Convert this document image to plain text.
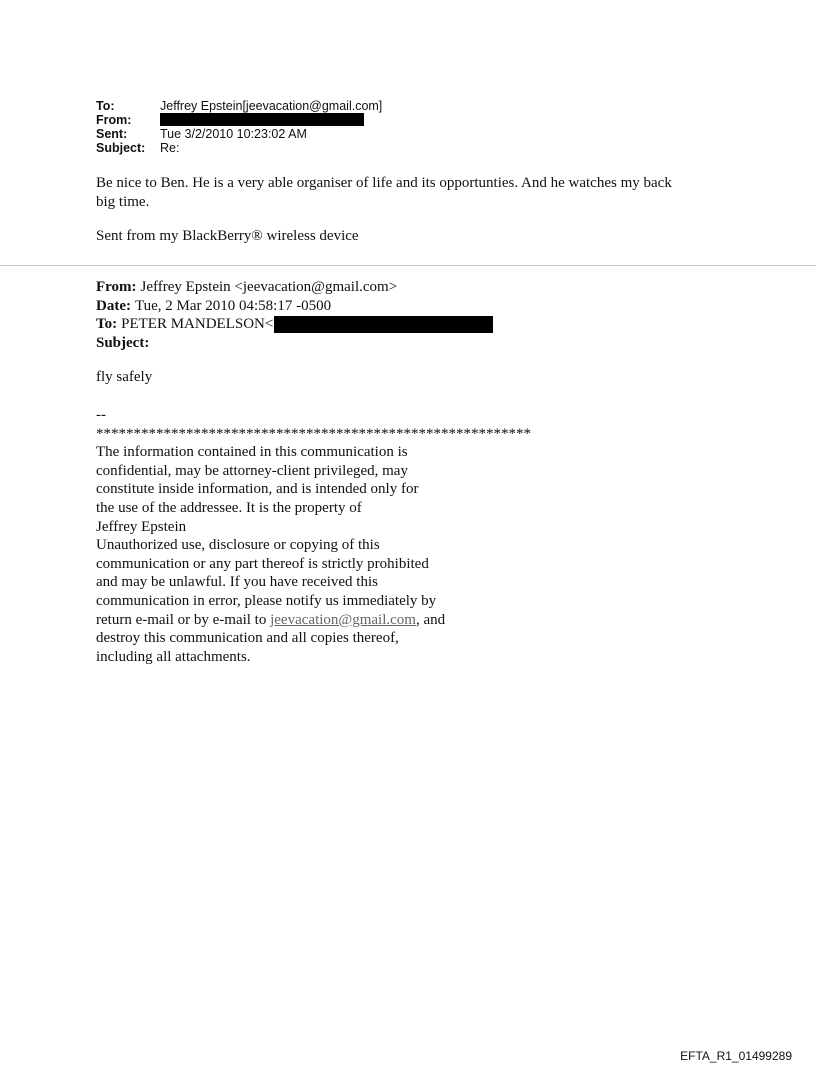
To:	Jeffrey Epstein[jeevacation@gmail.com]
From:
Sent:	Tue 3/2/2010 10:23:02 AM
Subject:	Re:

Be nice to Ben. He is a very able organiser of life and its opportunties. And he watches my back
big time.

Sent from my BlackBerry® wireless device

From: Jeffrey Epstein <jeevacation@gmail.com>
Date: Tue, 2 Mar 2010 04:58:17 -0500
To: PETER MANDELSON<
Subject:

fly safely

--
**********************************************************
The information contained in this communication is
confidential, may be attorney-client privileged, may
constitute inside information, and is intended only for
the use of the addressee. It is the property of
Jeffrey Epstein
Unauthorized use, disclosure or copying of this
communication or any part thereof is strictly prohibited
and may be unlawful. If you have received this
communication in error, please notify us immediately by
return e-mail or by e-mail to jeevacation@gmail.com, and
destroy this communication and all copies thereof,
including all attachments.
EFTA_R1_01499289
